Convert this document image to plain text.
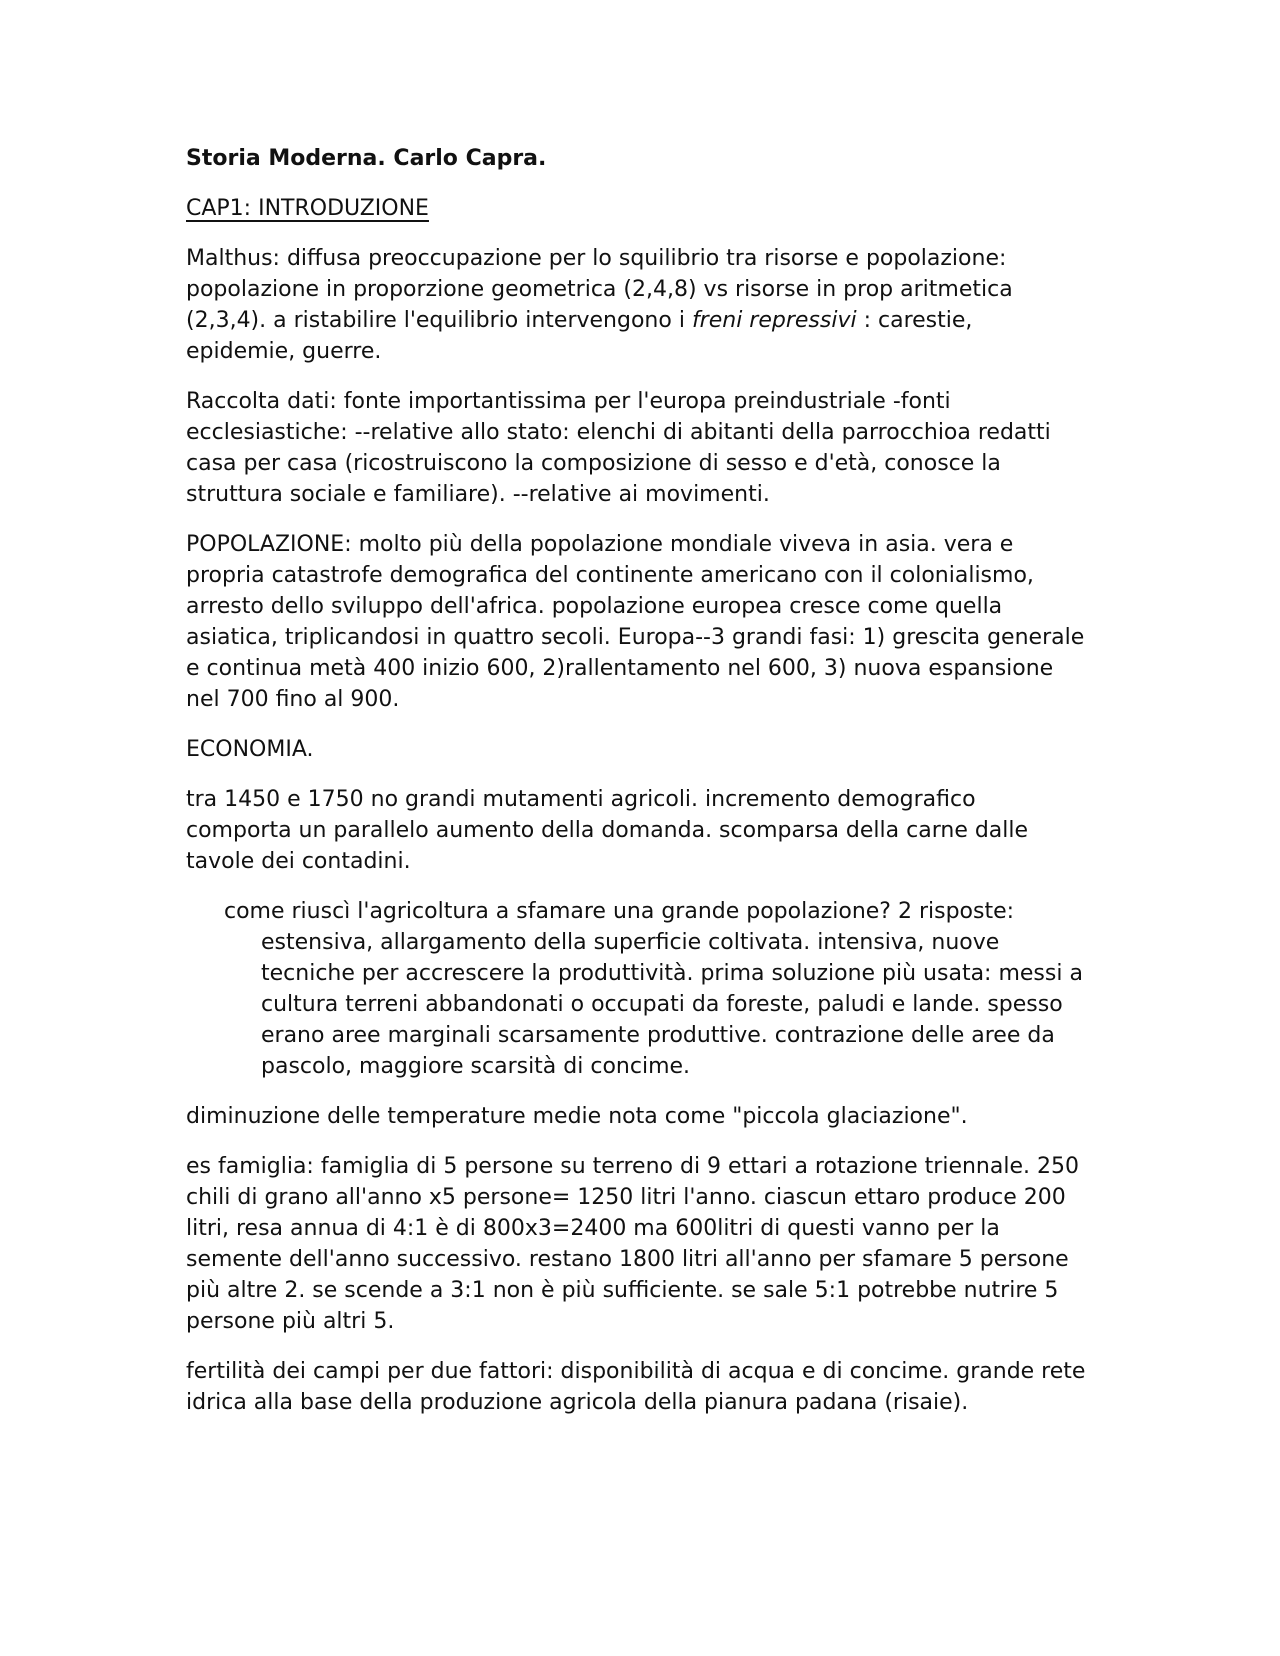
Storia Moderna. Carlo Capra.
CAP1: INTRODUZIONE

Malthus: diffusa preoccupazione per lo squilibrio tra risorse e popolazione: popolazione in proporzione geometrica (2,4,8) vs risorse in prop aritmetica (2,3,4). a ristabilire l'equilibrio intervengono i freni repressivi : carestie, epidemie, guerre.

Raccolta dati: fonte importantissima per l'europa preindustriale -fonti ecclesiastiche: --relative allo stato: elenchi di abitanti della parrocchioa redatti casa per casa (ricostruiscono la composizione di sesso e d'età, conosce la struttura sociale e familiare). --relative ai movimenti.

POPOLAZIONE: molto più della popolazione mondiale viveva in asia. vera e propria catastrofe demografica del continente americano con il colonialismo, arresto dello sviluppo dell'africa. popolazione europea cresce come quella asiatica, triplicandosi in quattro secoli. Europa--3 grandi fasi: 1) grescita generale e continua metà 400 inizio 600, 2)rallentamento nel 600, 3) nuova espansione nel 700 fino al 900.

ECONOMIA.

tra 1450 e 1750 no grandi mutamenti agricoli. incremento demografico comporta un parallelo aumento della domanda. scomparsa della carne dalle tavole dei contadini.

come riuscì l'agricoltura a sfamare una grande popolazione? 2 risposte:
estensiva, allargamento della superficie coltivata. intensiva, nuove tecniche per accrescere la produttività. prima soluzione più usata: messi a cultura terreni abbandonati o occupati da foreste, paludi e lande. spesso erano aree marginali scarsamente produttive. contrazione delle aree da pascolo, maggiore scarsità di concime.

diminuzione delle temperature medie nota come "piccola glaciazione".

es famiglia: famiglia di 5 persone su terreno di 9 ettari a rotazione triennale. 250 chili di grano all'anno x5 persone= 1250 litri l'anno. ciascun ettaro produce 200 litri, resa annua di 4:1 è di 800x3=2400 ma 600litri di questi vanno per la semente dell'anno successivo. restano 1800 litri all'anno per sfamare 5 persone più altre 2. se scende a 3:1 non è più sufficiente. se sale 5:1 potrebbe nutrire 5 persone più altri 5.

fertilità dei campi per due fattori: disponibilità di acqua e di concime. grande rete idrica alla base della produzione agricola della pianura padana (risaie).
